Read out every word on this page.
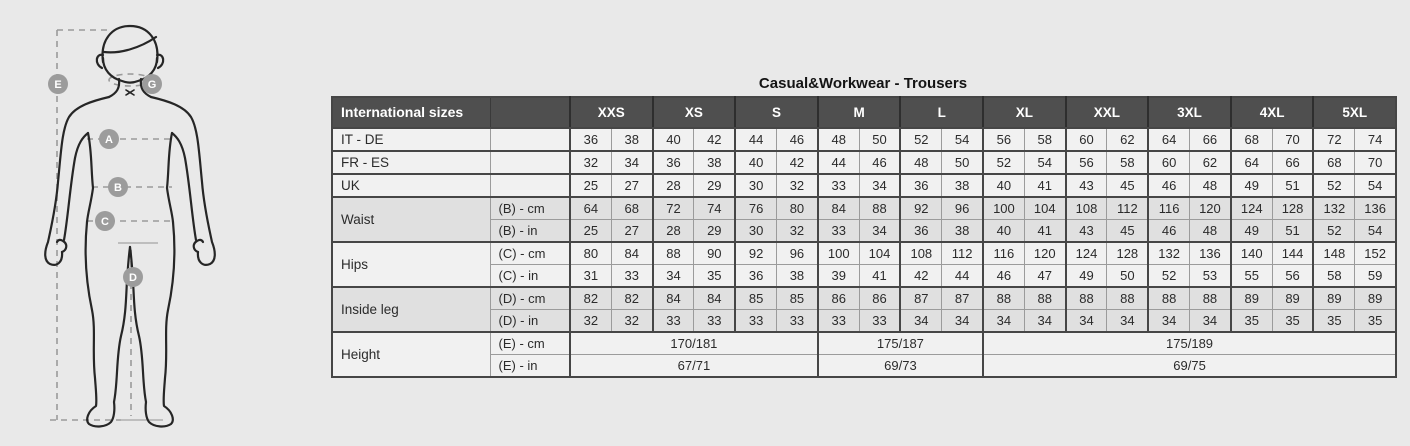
E	G
A
B
C
D
Casual&Workwear - Trousers
International sizes		XXS		XS		S		M		L		XL		XXL		3XL		4XL		5XL	
IT - DE		36	38	40	42	44	46	48	50	52	54	56	58	60	62	64	66	68	70	72	74
FR - ES		32	34	36	38	40	42	44	46	48	50	52	54	56	58	60	62	64	66	68	70
UK		25	27	28	29	30	32	33	34	36	38	40	41	43	45	46	48	49	51	52	54
Waist	(B) - cm	64	68	72	74	76	80	84	88	92	96	100	104	108	112	116	120	124	128	132	136
	(B) - in	25	27	28	29	30	32	33	34	36	38	40	41	43	45	46	48	49	51	52	54
Hips	(C) - cm	80	84	88	90	92	96	100	104	108	112	116	120	124	128	132	136	140	144	148	152
	(C) - in	31	33	34	35	36	38	39	41	42	44	46	47	49	50	52	53	55	56	58	59
Inside leg	(D) - cm	82	82	84	84	85	85	86	86	87	87	88	88	88	88	88	88	89	89	89	89
	(D) - in	32	32	33	33	33	33	33	33	34	34	34	34	34	34	34	34	35	35	35	35
Height	(E) - cm	170/181						175/187				175/189									
	(E) - in	67/71						69/73				69/75									
